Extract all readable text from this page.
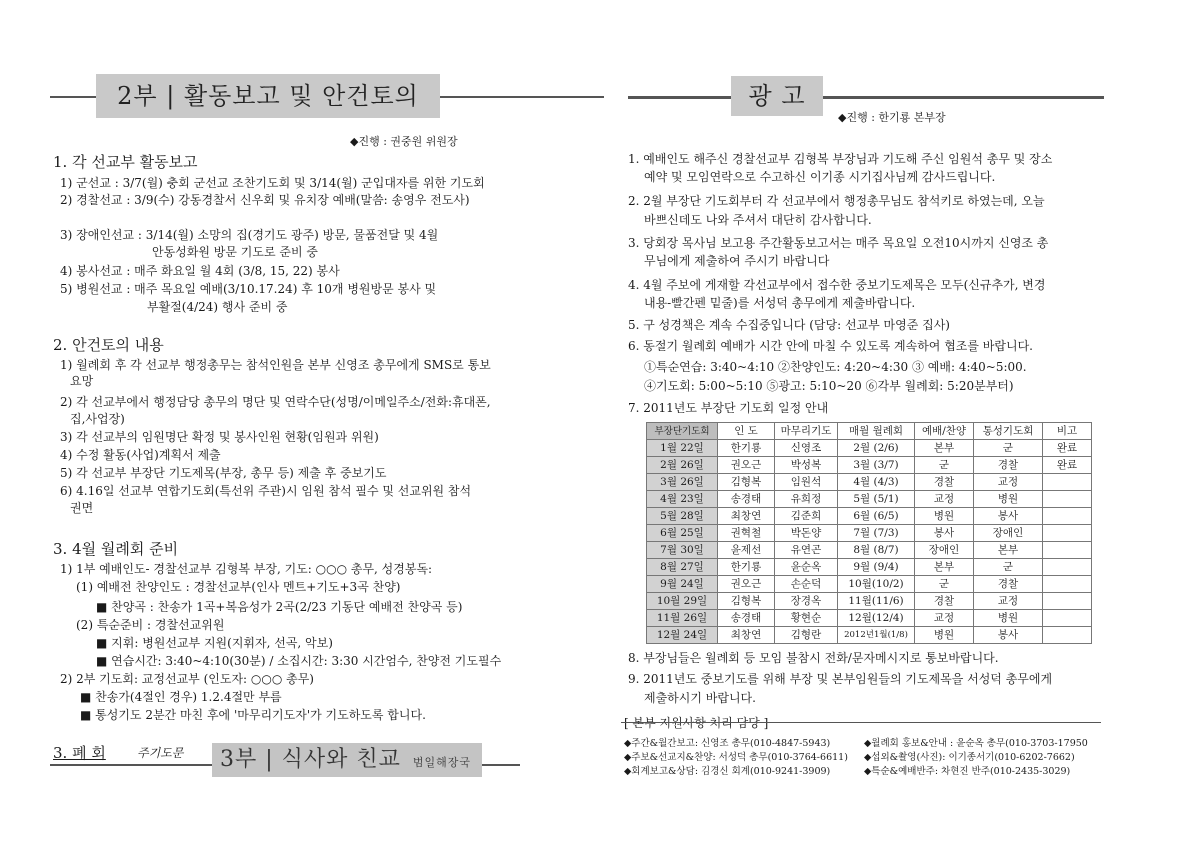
2부 | 활동보고 및 안건토의
◆진행 : 권중원 위원장
1. 각 선교부 활동보고
1) 군선교 : 3/7(월) 충회 군선교 조찬기도회 및 3/14(월) 군입대자를 위한 기도회
2) 경찰선교 : 3/9(수) 강동경찰서 신우회 및 유치장 예배(말씀: 송영우 전도사)
3) 장애인선교 : 3/14(월) 소망의 집(경기도 광주) 방문, 물품전달 및 4월
안동성화원 방문 기도로 준비 중
4) 봉사선교 : 매주 화요일 월 4회 (3/8, 15, 22) 봉사
5) 병원선교 : 매주 목요일 예배(3/10.17.24) 후 10개 병원방문 봉사 및
부활절(4/24) 행사 준비 중
2. 안건토의 내용
1) 월례회 후 각 선교부 행정총무는 참석인원을 본부 신영조 총무에게 SMS로 통보
요망
2) 각 선교부에서 행정담당 총무의 명단 및 연락수단(성명/이메일주소/전화:휴대폰,
집,사업장)
3) 각 선교부의 임원명단 확정 및 봉사인원 현황(임원과 위원)
4) 수정 활동(사업)계획서 제출
5) 각 선교부 부장단 기도제목(부장, 총무 등) 제출 후 중보기도
6) 4.16일 선교부 연합기도회(특선위 주관)시 임원 참석 필수 및 선교위원 참석
권면
3. 4월 월례회 준비
1) 1부 예배인도- 경찰선교부 김형복 부장, 기도: ○○○ 총무, 성경봉독:
(1) 예배전 찬양인도 : 경찰선교부(인사 멘트+기도+3곡 찬양)
■ 찬양곡 : 찬송가 1곡+복음성가 2곡(2/23 기동단 예배전 찬양곡 등)
(2) 특순준비 : 경찰선교위원
■ 지휘: 병원선교부 지원(지휘자, 선곡, 악보)
■ 연습시간: 3:40~4:10(30분) / 소집시간: 3:30 시간엄수, 찬양전 기도필수
2) 2부 기도회: 교정선교부 (인도자: ○○○ 총무)
■ 찬송가(4절인 경우) 1.2.4절만 부름
■ 통성기도 2분간 마친 후에 '마무리기도자'가 기도하도록 합니다.
3. 폐 회	주기도문	3부 | 식사와 친교 범일해장국
광 고
◆진행 : 한기룡 본부장
1. 예배인도 해주신 경찰선교부 김형복 부장님과 기도해 주신 임원석 총무 및 장소
예약 및 모임연락으로 수고하신 이기종 시기집사님께 감사드립니다.
2. 2월 부장단 기도회부터 각 선교부에서 행정총무님도 참석키로 하였는데, 오늘
바쁘신데도 나와 주셔서 대단히 감사합니다.
3. 당회장 목사님 보고용 주간활동보고서는 매주 목요일 오전10시까지 신영조 총
무님에게 제출하여 주시기 바랍니다
4. 4월 주보에 게재할 각선교부에서 접수한 중보기도제목은 모두(신규추가, 변경
내용-빨간펜 밑줄)를 서성덕 총무에게 제출바랍니다.
5. 구 성경책은 계속 수집중입니다 (담당: 선교부 마영준 집사)
6. 동절기 월례회 예배가 시간 안에 마칠 수 있도록 계속하여 협조를 바랍니다.
①특순연습: 3:40~4:10 ②찬양인도: 4:20~4:30 ③ 예배: 4:40~5:00.
④기도회: 5:00~5:10 ⑤광고: 5:10~20 ⑥각부 월례회: 5:20분부터)
7. 2011년도 부장단 기도회 일정 안내
부장단기도회	인 도	마무리기도	매월 월례회	예배/찬양	통성기도회	비고
1월 22일	한기룡	신영조	2월 (2/6)	본부	군	완료
2월 26일	권오근	박성복	3월 (3/7)	군	경찰	완료
3월 26일	김형복	임원석	4월 (4/3)	경찰	교정	
4월 23일	송경태	유희정	5월 (5/1)	교정	병원	
5월 28일	최창연	김준희	6월 (6/5)	병원	봉사	
6월 25일	권혁철	박돈양	7월 (7/3)	봉사	장애인	
7월 30일	윤제선	유연곤	8월 (8/7)	장애인	본부	
8월 27일	한기룡	윤순옥	9월 (9/4)	본부	군	
9월 24일	권오근	손순덕	10월(10/2)	군	경찰	
10월 29일	김형복	장경옥	11월(11/6)	경찰	교정	
11월 26일	송경태	황현순	12월(12/4)	교정	병원	
12월 24일	최창연	김형란	2012년1월(1/8)	병원	봉사	
8. 부장님들은 월례회 등 모임 불참시 전화/문자메시지로 통보바랍니다.
9. 2011년도 중보기도를 위해 부장 및 본부임원들의 기도제목을 서성덕 총무에게
제출하시기 바랍니다.
[ 본부 지원사항 처리 담당 ]
◆주간&월간보고: 신영조 총무(010-4847-5943)	◆월례회 홍보&안내 : 윤순옥 총무(010-3703-17950
◆주보&선교지&찬양: 서성덕 총무(010-3764-6611) ◆섭외&촬영(사진): 이기종서기(010-6202-7662)
◆회계보고&상담: 김경신 회계(010-9241-3909)	◆특순&예배반주: 차현진 반주(010-2435-3029)
